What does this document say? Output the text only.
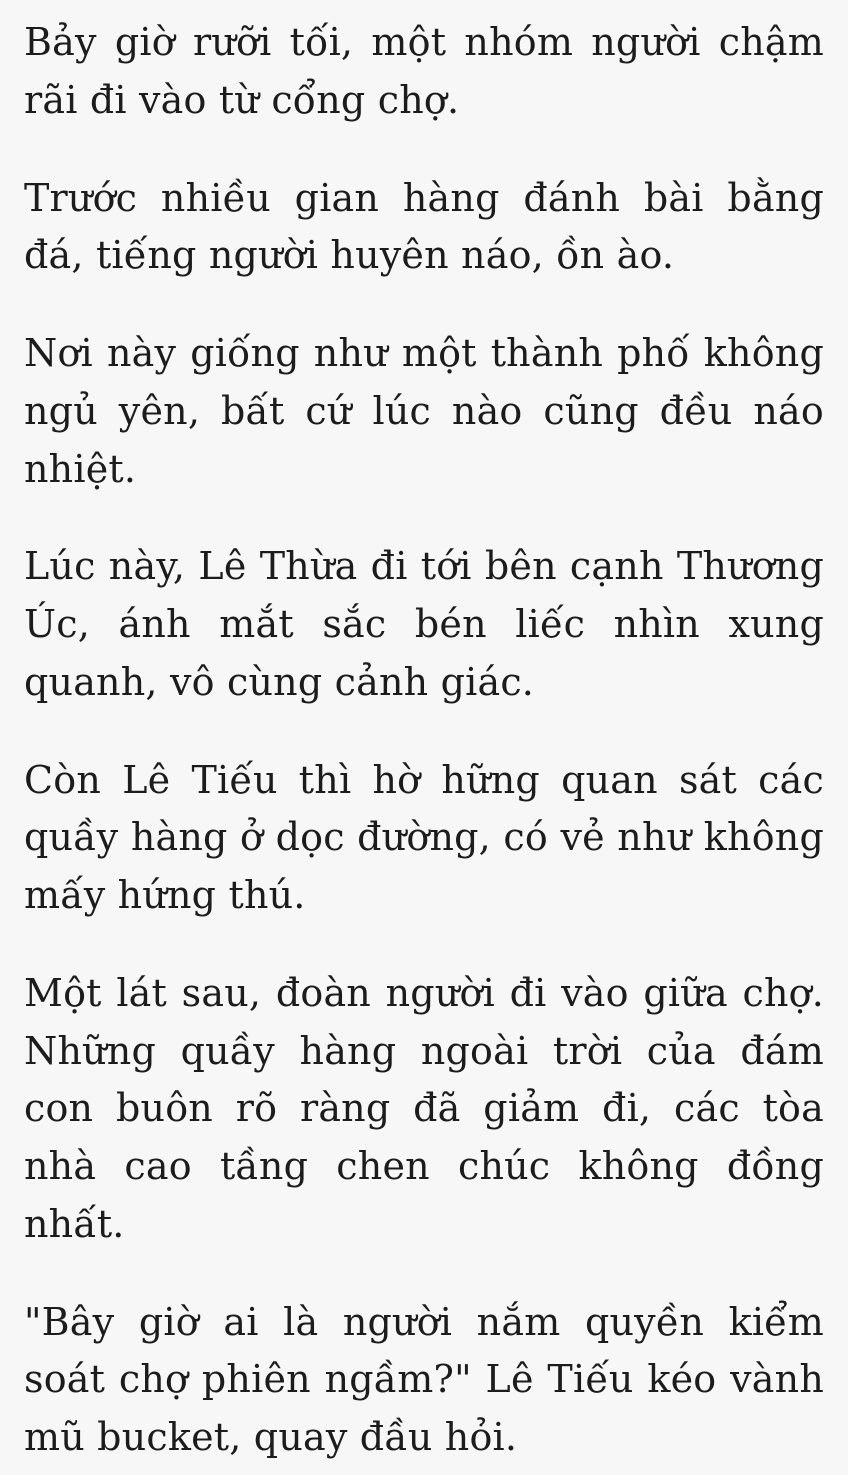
Bảy giờ rưỡi tối, một nhóm người chậm rãi đi vào từ cổng chợ.

Trước nhiều gian hàng đánh bài bằng đá, tiếng người huyên náo, ồn ào.

Nơi này giống như một thành phố không ngủ yên, bất cứ lúc nào cũng đều náo nhiệt.

Lúc này, Lê Thừa đi tới bên cạnh Thương Úc, ánh mắt sắc bén liếc nhìn xung quanh, vô cùng cảnh giác.

Còn Lê Tiếu thì hờ hững quan sát các quầy hàng ở dọc đường, có vẻ như không mấy hứng thú.

Một lát sau, đoàn người đi vào giữa chợ. Những quầy hàng ngoài trời của đám con buôn rõ ràng đã giảm đi, các tòa nhà cao tầng chen chúc không đồng nhất.

"Bây giờ ai là người nắm quyền kiểm soát chợ phiên ngầm?" Lê Tiếu kéo vành mũ bucket, quay đầu hỏi.
